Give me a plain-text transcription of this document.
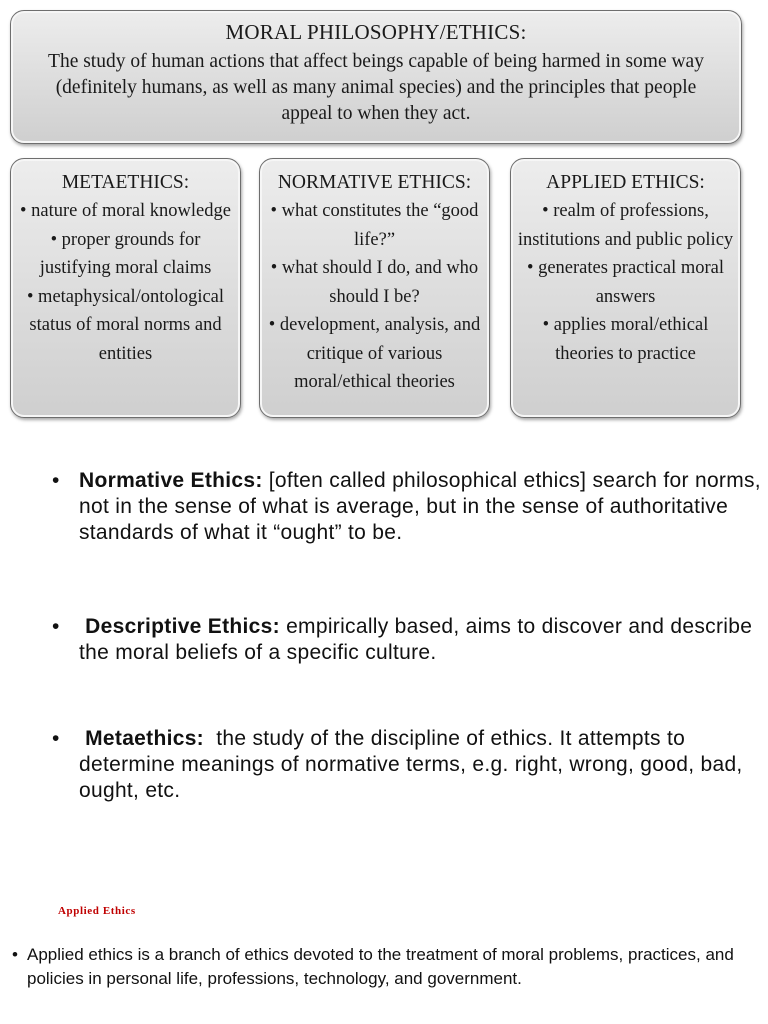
MORAL PHILOSOPHY/ETHICS:
The study of human actions that affect beings capable of being harmed in some way (definitely humans, as well as many animal species) and the principles that people appeal to when they act.
METAETHICS:
• nature of moral knowledge
• proper grounds for justifying moral claims
• metaphysical/ontological status of moral norms and entities
NORMATIVE ETHICS:
• what constitutes the “good life?”
• what should I do, and who should I be?
• development, analysis, and critique of various moral/ethical theories
APPLIED ETHICS:
• realm of professions, institutions and public policy
• generates practical moral answers
• applies moral/ethical theories to practice
• Normative Ethics: [often called philosophical ethics] search for norms, not in the sense of what is average, but in the sense of authoritative standards of what it “ought” to be.
• Descriptive Ethics: empirically based, aims to discover and describe the moral beliefs of a specific culture.
• Metaethics: the study of the discipline of ethics. It attempts to determine meanings of normative terms, e.g. right, wrong, good, bad, ought, etc.
Applied Ethics
• Applied ethics is a branch of ethics devoted to the treatment of moral problems, practices, and policies in personal life, professions, technology, and government.
